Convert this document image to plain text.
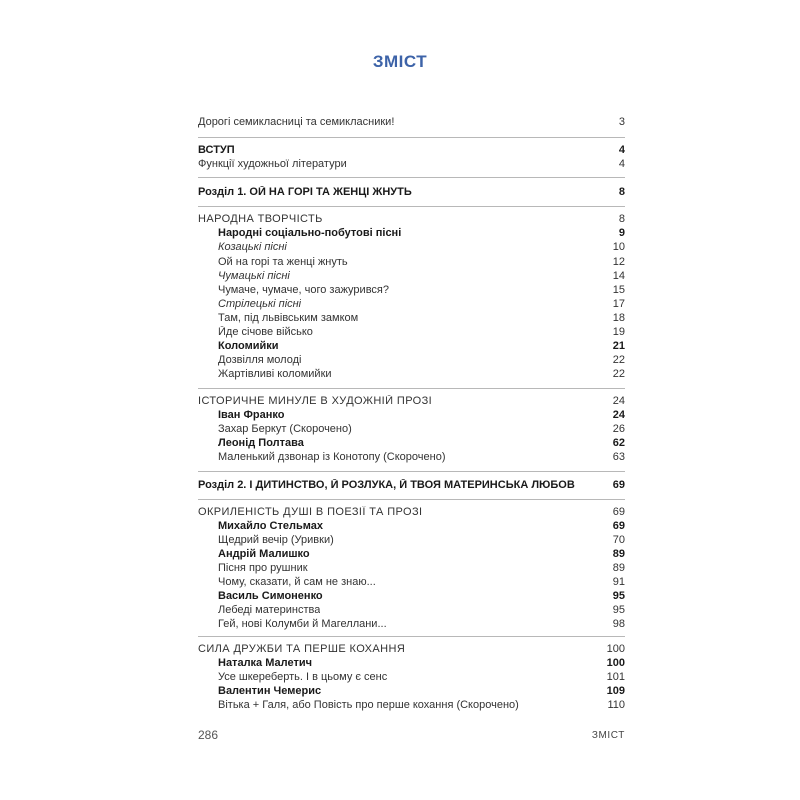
ЗМІСТ
Дорогі семикласниці та семикласники!	3
ВСТУП	4
Функції художньої літератури	4
Розділ 1. ОЙ НА ГОРІ ТА ЖЕНЦІ ЖНУТЬ	8
НАРОДНА ТВОРЧІСТЬ	8
Народні соціально-побутові пісні	9
Козацькі пісні	10
Ой на горі та женці жнуть	12
Чумацькі пісні	14
Чумаче, чумаче, чого зажурився?	15
Стрілецькі пісні	17
Там, під львівським замком	18
Йде січове військо	19
Коломийки	21
Дозвілля молоді	22
Жартівливі коломийки	22
ІСТОРИЧНЕ МИНУЛЕ В ХУДОЖНІЙ ПРОЗІ	24
Іван Франко	24
Захар Беркут (Скорочено)	26
Леонід Полтава	62
Маленький дзвонар із Конотопу (Скорочено)	63
Розділ 2. І ДИТИНСТВО, Й РОЗЛУКА, Й ТВОЯ МАТЕРИНСЬКА ЛЮБОВ	69
ОКРИЛЕНІСТЬ ДУШІ В ПОЕЗІЇ ТА ПРОЗІ	69
Михайло Стельмах	69
Щедрий вечір (Уривки)	70
Андрій Малишко	89
Пісня про рушник	89
Чому, сказати, й сам не знаю...	91
Василь Симоненко	95
Лебеді материнства	95
Гей, нові Колумби й Магеллани...	98
СИЛА ДРУЖБИ ТА ПЕРШЕ КОХАННЯ	100
Наталка Малетич	100
Усе шкереберть. І в цьому є сенс	101
Валентин Чемерис	109
Вітька + Галя, або Повість про перше кохання (Скорочено)	110
286	ЗМІСТ
